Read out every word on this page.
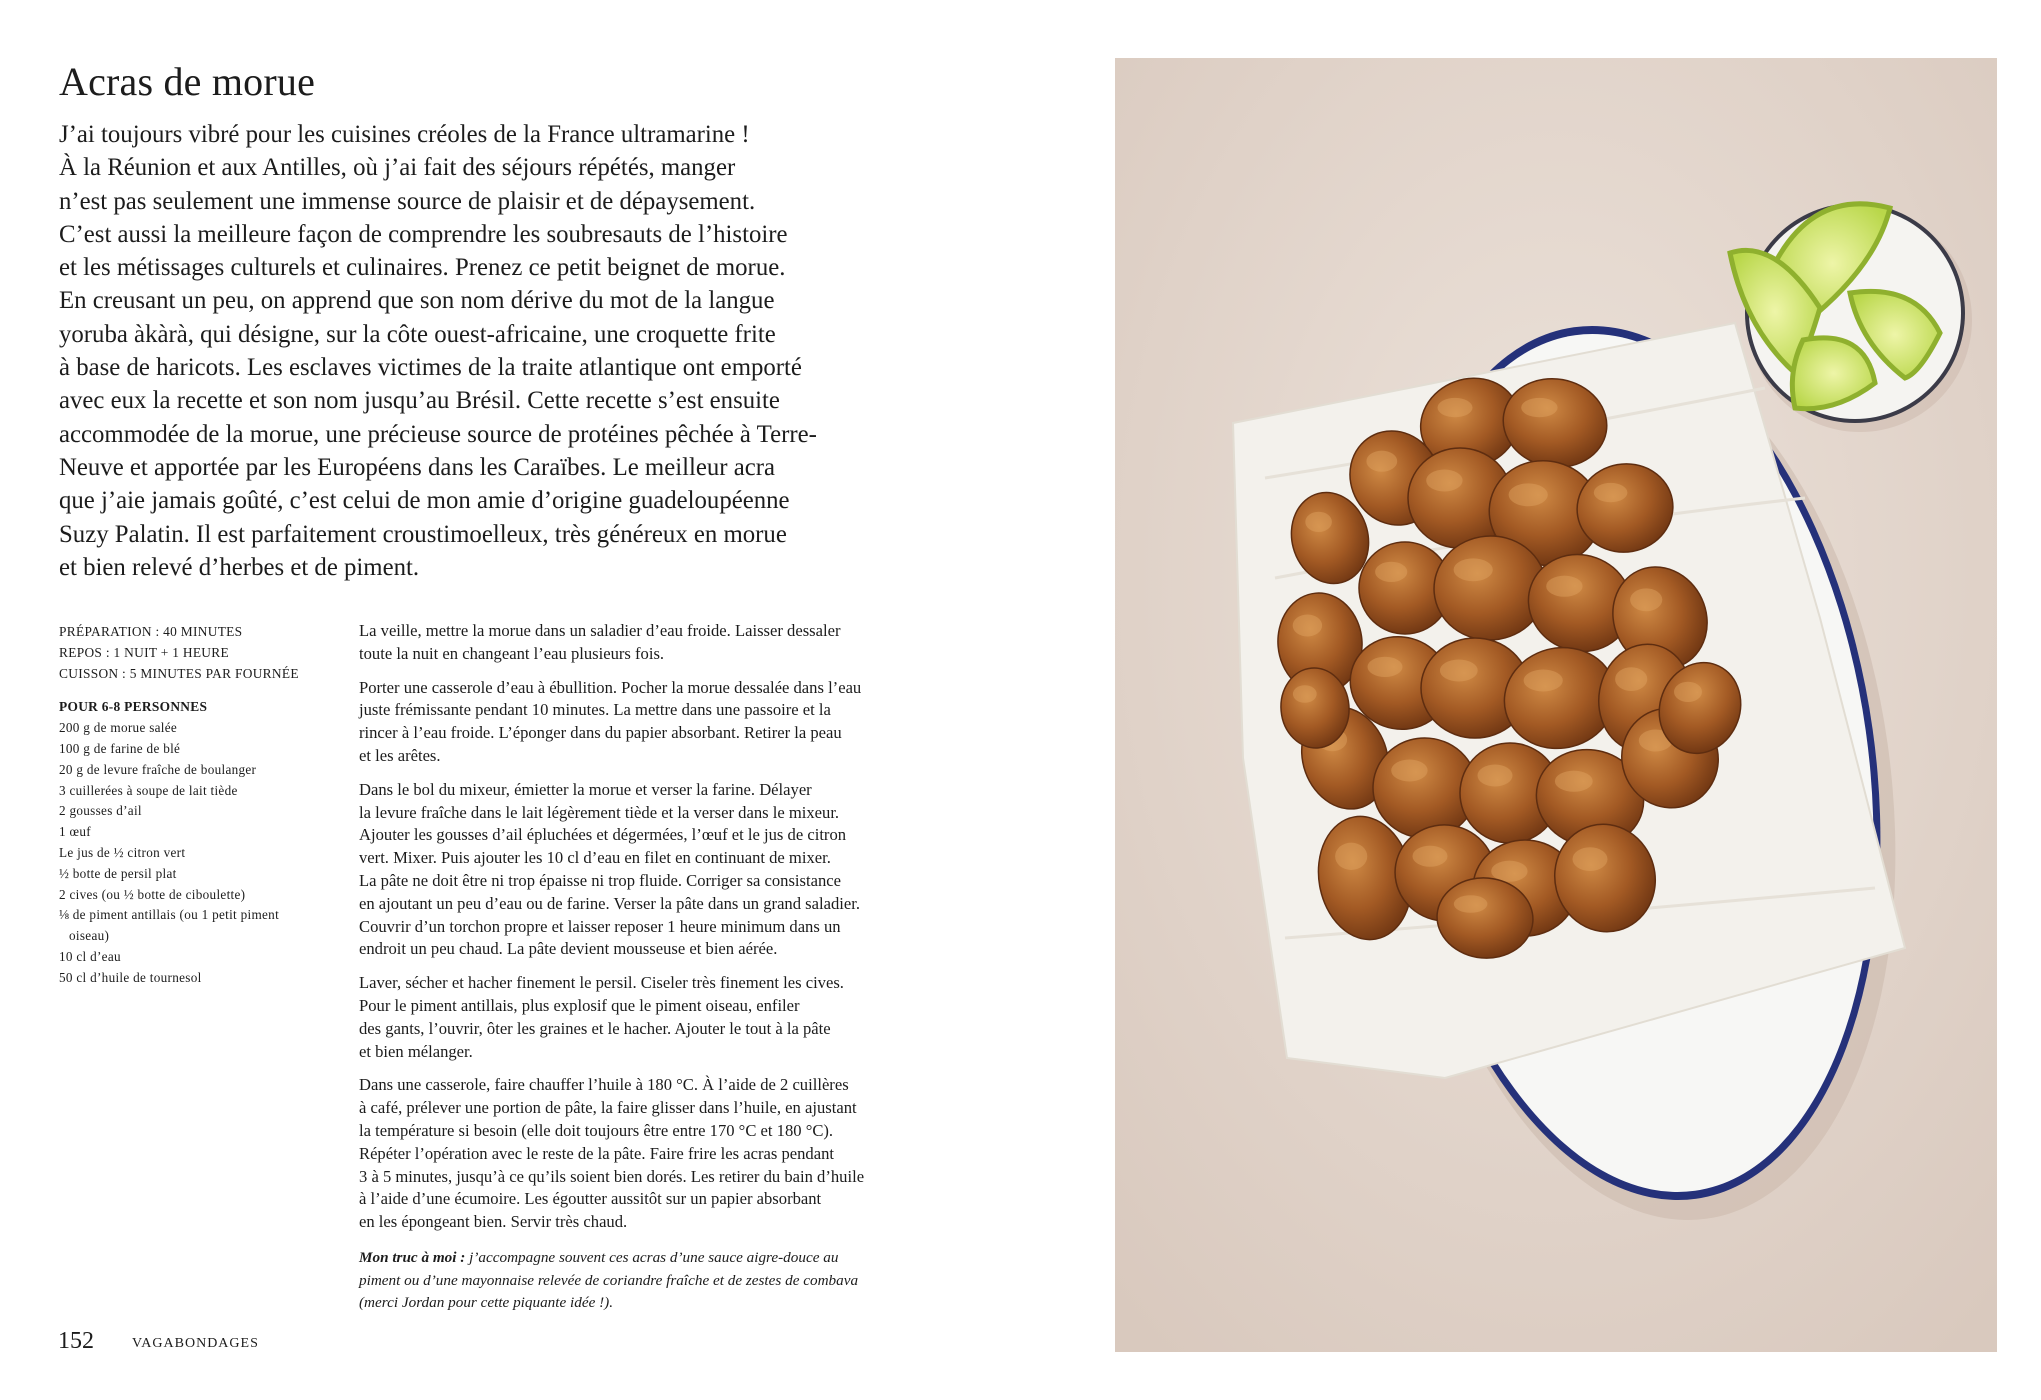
Acras de morue

J’ai toujours vibré pour les cuisines créoles de la France ultramarine !
À la Réunion et aux Antilles, où j’ai fait des séjours répétés, manger
n’est pas seulement une immense source de plaisir et de dépaysement.
C’est aussi la meilleure façon de comprendre les soubresauts de l’histoire
et les métissages culturels et culinaires. Prenez ce petit beignet de morue.
En creusant un peu, on apprend que son nom dérive du mot de la langue
yoruba àkàrà, qui désigne, sur la côte ouest-africaine, une croquette frite
à base de haricots. Les esclaves victimes de la traite atlantique ont emporté
avec eux la recette et son nom jusqu’au Brésil. Cette recette s’est ensuite
accommodée de la morue, une précieuse source de protéines pêchée à Terre-
Neuve et apportée par les Européens dans les Caraïbes. Le meilleur acra
que j’aie jamais goûté, c’est celui de mon amie d’origine guadeloupéenne
Suzy Palatin. Il est parfaitement croustimoelleux, très généreux en morue
et bien relevé d’herbes et de piment.

PRÉPARATION : 40 MINUTES
REPOS : 1 NUIT + 1 HEURE
CUISSON : 5 MINUTES PAR FOURNÉE
POUR 6-8 PERSONNES
200 g de morue salée
100 g de farine de blé
20 g de levure fraîche de boulanger
3 cuillerées à soupe de lait tiède
2 gousses d’ail
1 œuf
Le jus de ½ citron vert
½ botte de persil plat
2 cives (ou ½ botte de ciboulette)
⅛ de piment antillais (ou 1 petit piment
oiseau)
10 cl d’eau
50 cl d’huile de tournesol

La veille, mettre la morue dans un saladier d’eau froide. Laisser dessaler
toute la nuit en changeant l’eau plusieurs fois.

Porter une casserole d’eau à ébullition. Pocher la morue dessalée dans l’eau
juste frémissante pendant 10 minutes. La mettre dans une passoire et la
rincer à l’eau froide. L’éponger dans du papier absorbant. Retirer la peau
et les arêtes.

Dans le bol du mixeur, émietter la morue et verser la farine. Délayer
la levure fraîche dans le lait légèrement tiède et la verser dans le mixeur.
Ajouter les gousses d’ail épluchées et dégermées, l’œuf et le jus de citron
vert. Mixer. Puis ajouter les 10 cl d’eau en filet en continuant de mixer.
La pâte ne doit être ni trop épaisse ni trop fluide. Corriger sa consistance
en ajoutant un peu d’eau ou de farine. Verser la pâte dans un grand saladier.
Couvrir d’un torchon propre et laisser reposer 1 heure minimum dans un
endroit un peu chaud. La pâte devient mousseuse et bien aérée.

Laver, sécher et hacher finement le persil. Ciseler très finement les cives.
Pour le piment antillais, plus explosif que le piment oiseau, enfiler
des gants, l’ouvrir, ôter les graines et le hacher. Ajouter le tout à la pâte
et bien mélanger.

Dans une casserole, faire chauffer l’huile à 180 °C. À l’aide de 2 cuillères
à café, prélever une portion de pâte, la faire glisser dans l’huile, en ajustant
la température si besoin (elle doit toujours être entre 170 °C et 180 °C).
Répéter l’opération avec le reste de la pâte. Faire frire les acras pendant
3 à 5 minutes, jusqu’à ce qu’ils soient bien dorés. Les retirer du bain d’huile
à l’aide d’une écumoire. Les égoutter aussitôt sur un papier absorbant
en les épongeant bien. Servir très chaud.

Mon truc à moi : j’accompagne souvent ces acras d’une sauce aigre-douce au
piment ou d’une mayonnaise relevée de coriandre fraîche et de zestes de combava
(merci Jordan pour cette piquante idée !).

152	VAGABONDAGES
